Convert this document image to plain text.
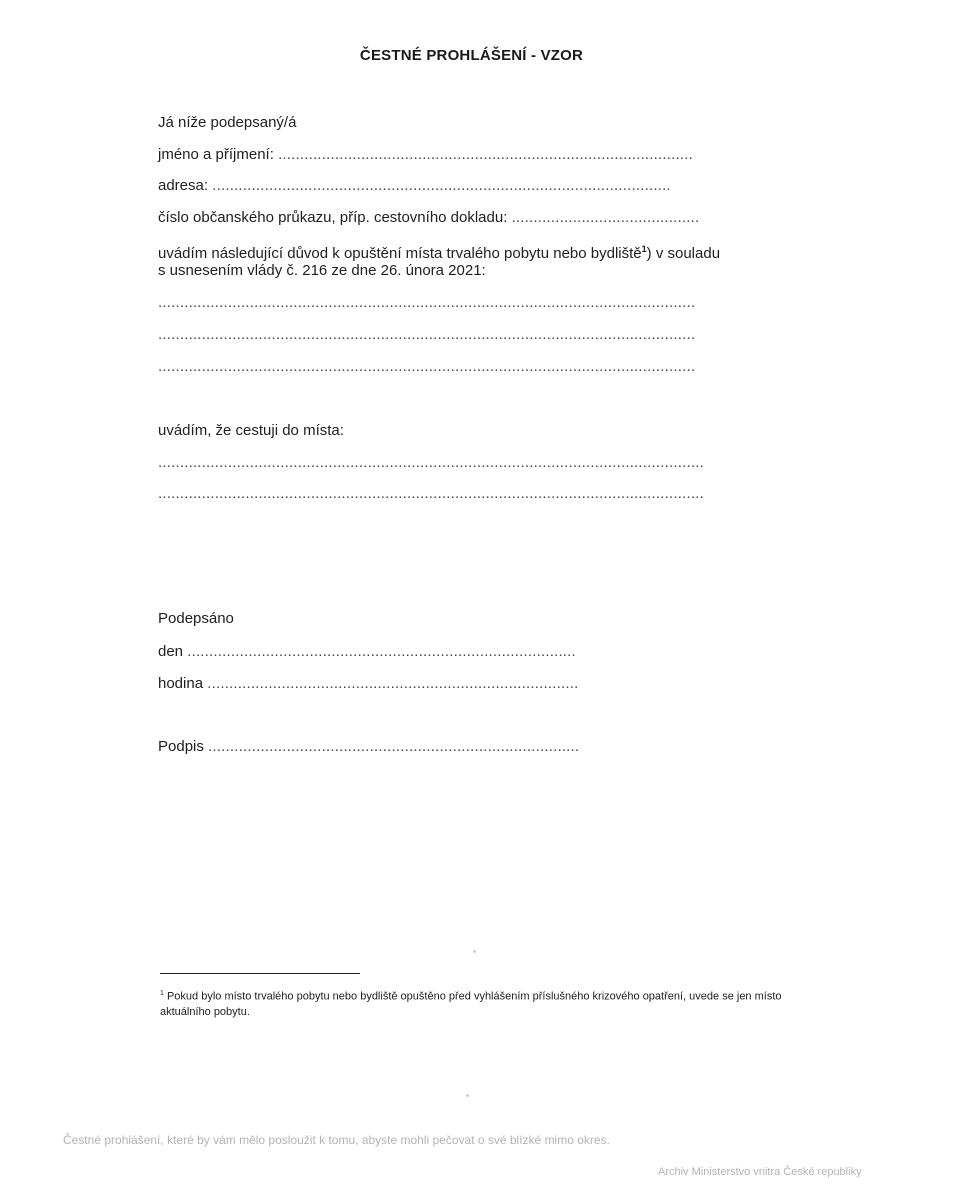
ČESTNÉ PROHLÁŠENÍ - VZOR
Já níže podepsaný/á
jméno a příjmení: ...............................................................................................
adresa: .........................................................................................................
číslo občanského průkazu, příp. cestovního dokladu: ...........................................
uvádím následující důvod k opuštění místa trvalého pobytu nebo bydliště$^1$) v souladu
s usnesením vlády č. 216 ze dne 26. února 2021:
...........................................................................................................................
...........................................................................................................................
...........................................................................................................................
uvádím, že cestuji do místa:
.............................................................................................................................
.............................................................................................................................
Podepsáno
den .........................................................................................
hodina .....................................................................................
Podpis .....................................................................................
$^1$ Pokud bylo místo trvalého pobytu nebo bydliště opuštěno před vyhlášením příslušného krizového opatření, uvede se jen místo aktuálního pobytu.
Čestné prohlášení, které by vám mělo posloužit k tomu, abyste mohli pečovat o své blízké mimo okres.
Archiv Ministerstvo vnitra České republiky
